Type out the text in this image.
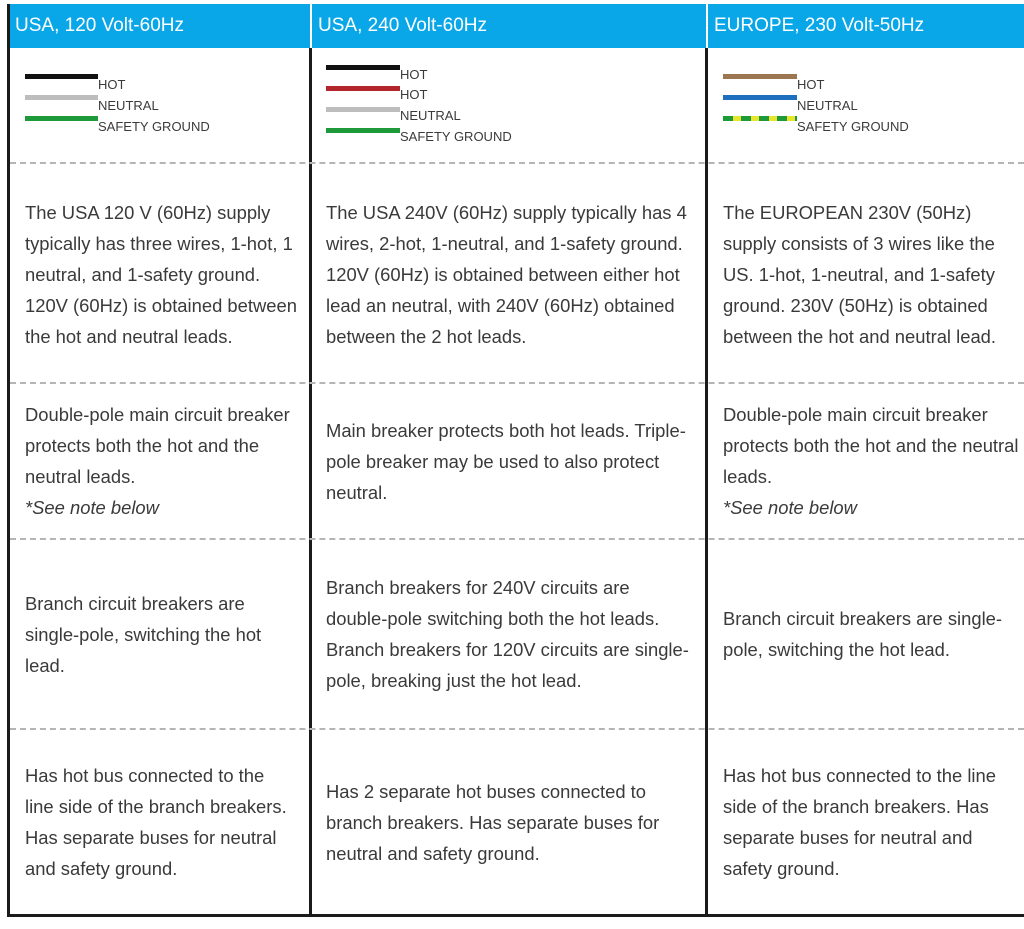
USA, 120 Volt-60Hz	USA, 240 Volt-60Hz	EUROPE, 230 Volt-50Hz
HOT
NEUTRAL
SAFETY GROUND
HOT
HOT
NEUTRAL
SAFETY GROUND
HOT
NEUTRAL
SAFETY GROUND
The USA 120 V (60Hz) supply typically has three wires, 1-hot, 1 neutral, and 1-safety ground. 120V (60Hz) is obtained between the hot and neutral leads.
The USA 240V (60Hz) supply typically has 4 wires, 2-hot, 1-neutral, and 1-safety ground. 120V (60Hz) is obtained between either hot lead an neutral, with 240V (60Hz) obtained between the 2 hot leads.
The EUROPEAN 230V (50Hz) supply consists of 3 wires like the US. 1-hot, 1-neutral, and 1-safety ground. 230V (50Hz) is obtained between the hot and neutral lead.
Double-pole main circuit breaker protects both the hot and the neutral leads.
*See note below
Main breaker protects both hot leads. Triple-pole breaker may be used to also protect neutral.
Double-pole main circuit breaker protects both the hot and the neutral leads.
*See note below
Branch circuit breakers are single-pole, switching the hot lead.
Branch breakers for 240V circuits are double-pole switching both the hot leads. Branch breakers for 120V circuits are single-pole, breaking just the hot lead.
Branch circuit breakers are single-pole, switching the hot lead.
Has hot bus connected to the line side of the branch breakers. Has separate buses for neutral and safety ground.
Has 2 separate hot buses connected to branch breakers. Has separate buses for neutral and safety ground.
Has hot bus connected to the line side of the branch breakers. Has separate buses for neutral and safety ground.
